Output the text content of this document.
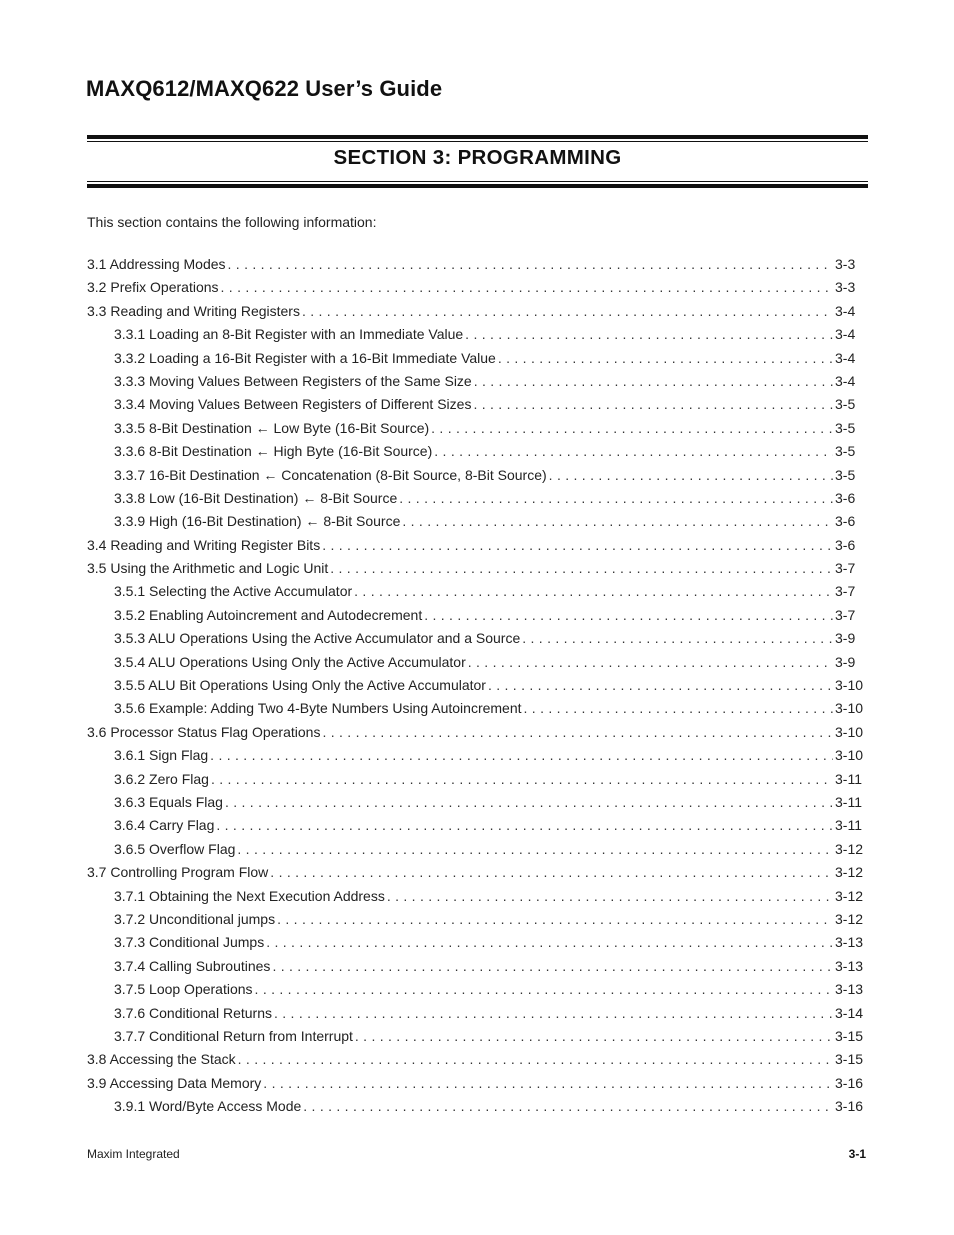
MAXQ612/MAXQ622 User’s Guide
SECTION 3: PROGRAMMING
This section contains the following information:
3.1 Addressing Modes . . .	3-3
3.2 Prefix Operations . . .	3-3
3.3 Reading and Writing Registers . . .	3-4
3.3.1 Loading an 8-Bit Register with an Immediate Value . . .	3-4
3.3.2 Loading a 16-Bit Register with a 16-Bit Immediate Value . . .	3-4
3.3.3 Moving Values Between Registers of the Same Size . . .	3-4
3.3.4 Moving Values Between Registers of Different Sizes . . .	3-5
3.3.5 8-Bit Destination ← Low Byte (16-Bit Source) . . .	3-5
3.3.6 8-Bit Destination ← High Byte (16-Bit Source) . . .	3-5
3.3.7 16-Bit Destination ← Concatenation (8-Bit Source, 8-Bit Source) . . .	3-5
3.3.8 Low (16-Bit Destination) ← 8-Bit Source . . .	3-6
3.3.9 High (16-Bit Destination) ← 8-Bit Source . . .	3-6
3.4 Reading and Writing Register Bits . . .	3-6
3.5 Using the Arithmetic and Logic Unit . . .	3-7
3.5.1 Selecting the Active Accumulator . . .	3-7
3.5.2 Enabling Autoincrement and Autodecrement . . .	3-7
3.5.3 ALU Operations Using the Active Accumulator and a Source . . .	3-9
3.5.4 ALU Operations Using Only the Active Accumulator . . .	3-9
3.5.5 ALU Bit Operations Using Only the Active Accumulator . . .	3-10
3.5.6 Example: Adding Two 4-Byte Numbers Using Autoincrement . . .	3-10
3.6 Processor Status Flag Operations . . .	3-10
3.6.1 Sign Flag . . .	3-10
3.6.2 Zero Flag . . .	3-11
3.6.3 Equals Flag . . .	3-11
3.6.4 Carry Flag . . .	3-11
3.6.5 Overflow Flag . . .	3-12
3.7 Controlling Program Flow . . .	3-12
3.7.1 Obtaining the Next Execution Address . . .	3-12
3.7.2 Unconditional jumps . . .	3-12
3.7.3 Conditional Jumps . . .	3-13
3.7.4 Calling Subroutines . . .	3-13
3.7.5 Loop Operations . . .	3-13
3.7.6 Conditional Returns . . .	3-14
3.7.7 Conditional Return from Interrupt . . .	3-15
3.8 Accessing the Stack . . .	3-15
3.9 Accessing Data Memory . . .	3-16
3.9.1 Word/Byte Access Mode . . .	3-16
Maxim Integrated	3-1
